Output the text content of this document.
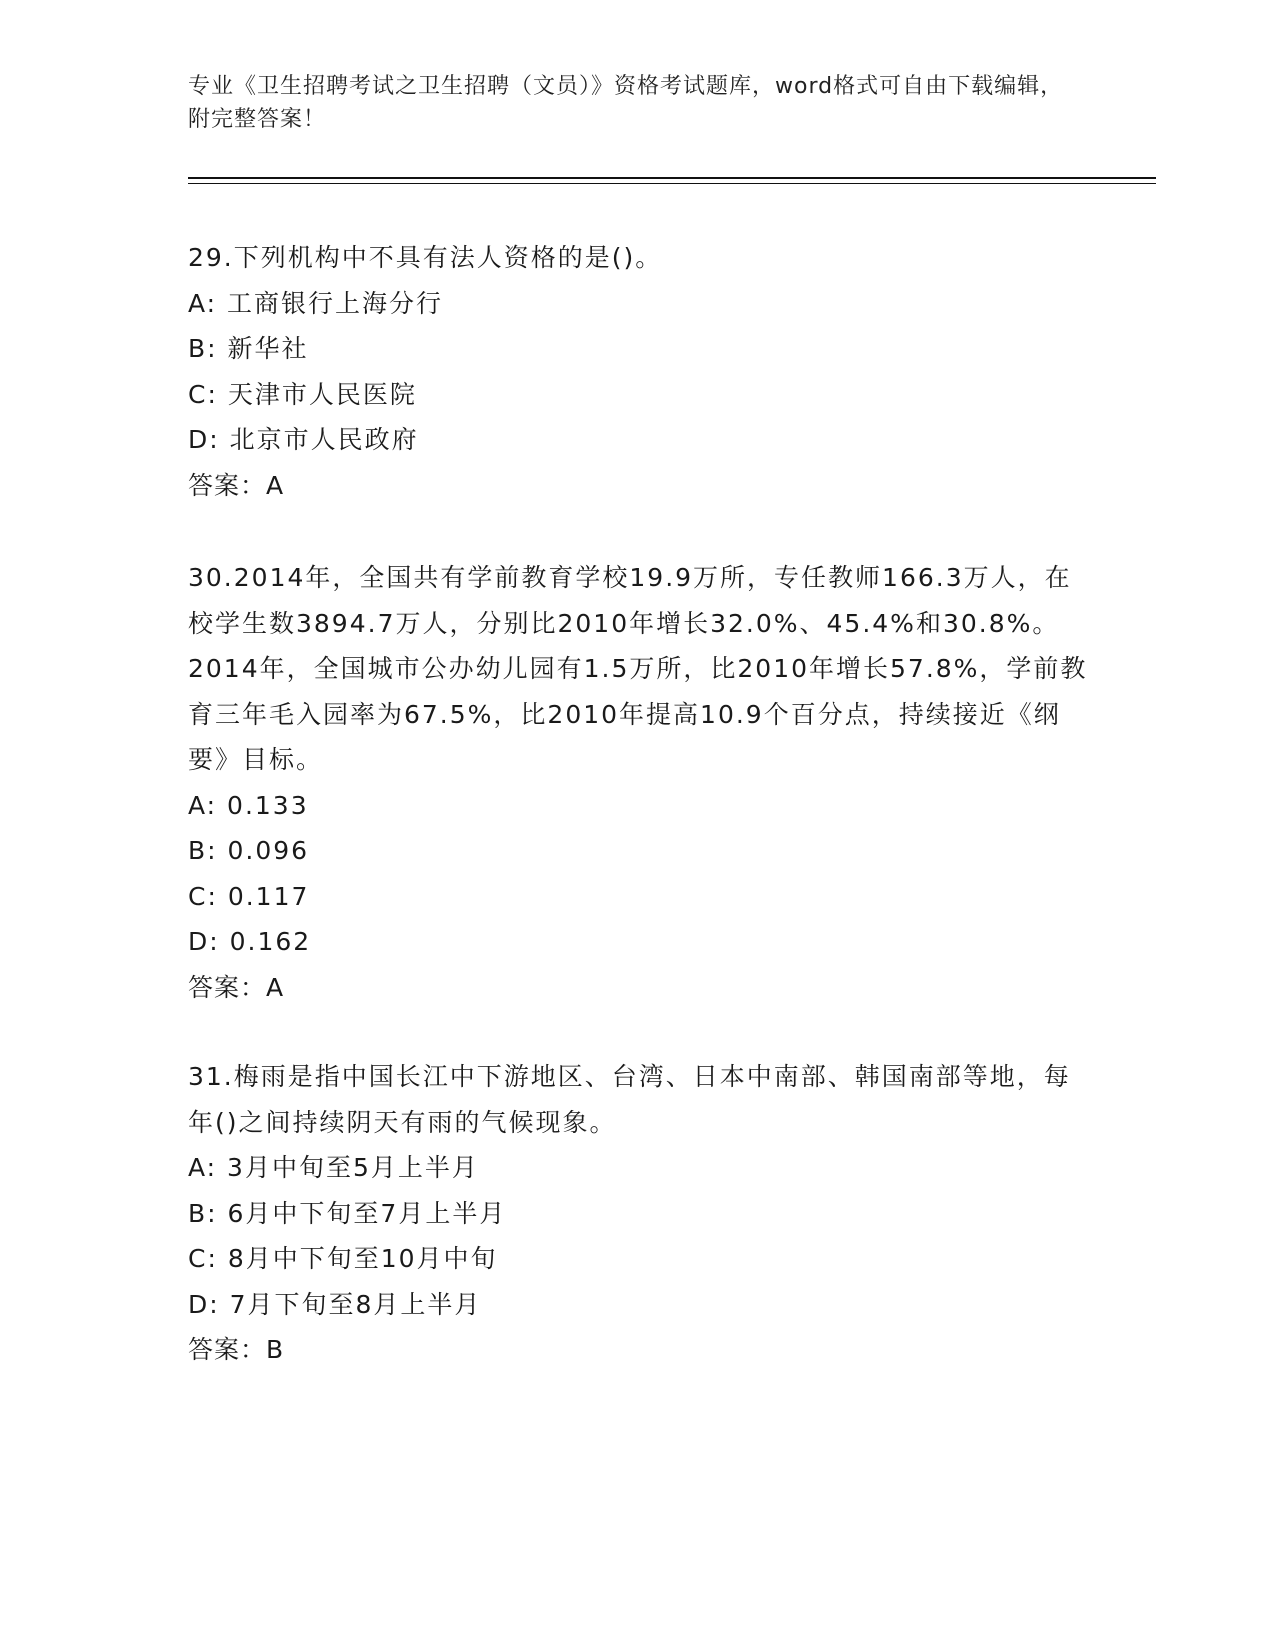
专业《卫生招聘考试之卫生招聘（文员）》资格考试题库，word格式可自由下载编辑，附完整答案！

29.下列机构中不具有法人资格的是()。

A: 工商银行上海分行

B: 新华社

C: 天津市人民医院

D: 北京市人民政府

答案：A

30.2014年，全国共有学前教育学校19.9万所，专任教师166.3万人，在校学生数3894.7万人，分别比2010年增长32.0%、45.4%和30.8%。2014年，全国城市公办幼儿园有1.5万所，比2010年增长57.8%，学前教育三年毛入园率为67.5%，比2010年提高10.9个百分点，持续接近《纲要》目标。

A: 0.133

B: 0.096

C: 0.117

D: 0.162

答案：A

31.梅雨是指中国长江中下游地区、台湾、日本中南部、韩国南部等地，每年()之间持续阴天有雨的气候现象。

A: 3月中旬至5月上半月

B: 6月中下旬至7月上半月

C: 8月中下旬至10月中旬

D: 7月下旬至8月上半月

答案：B
